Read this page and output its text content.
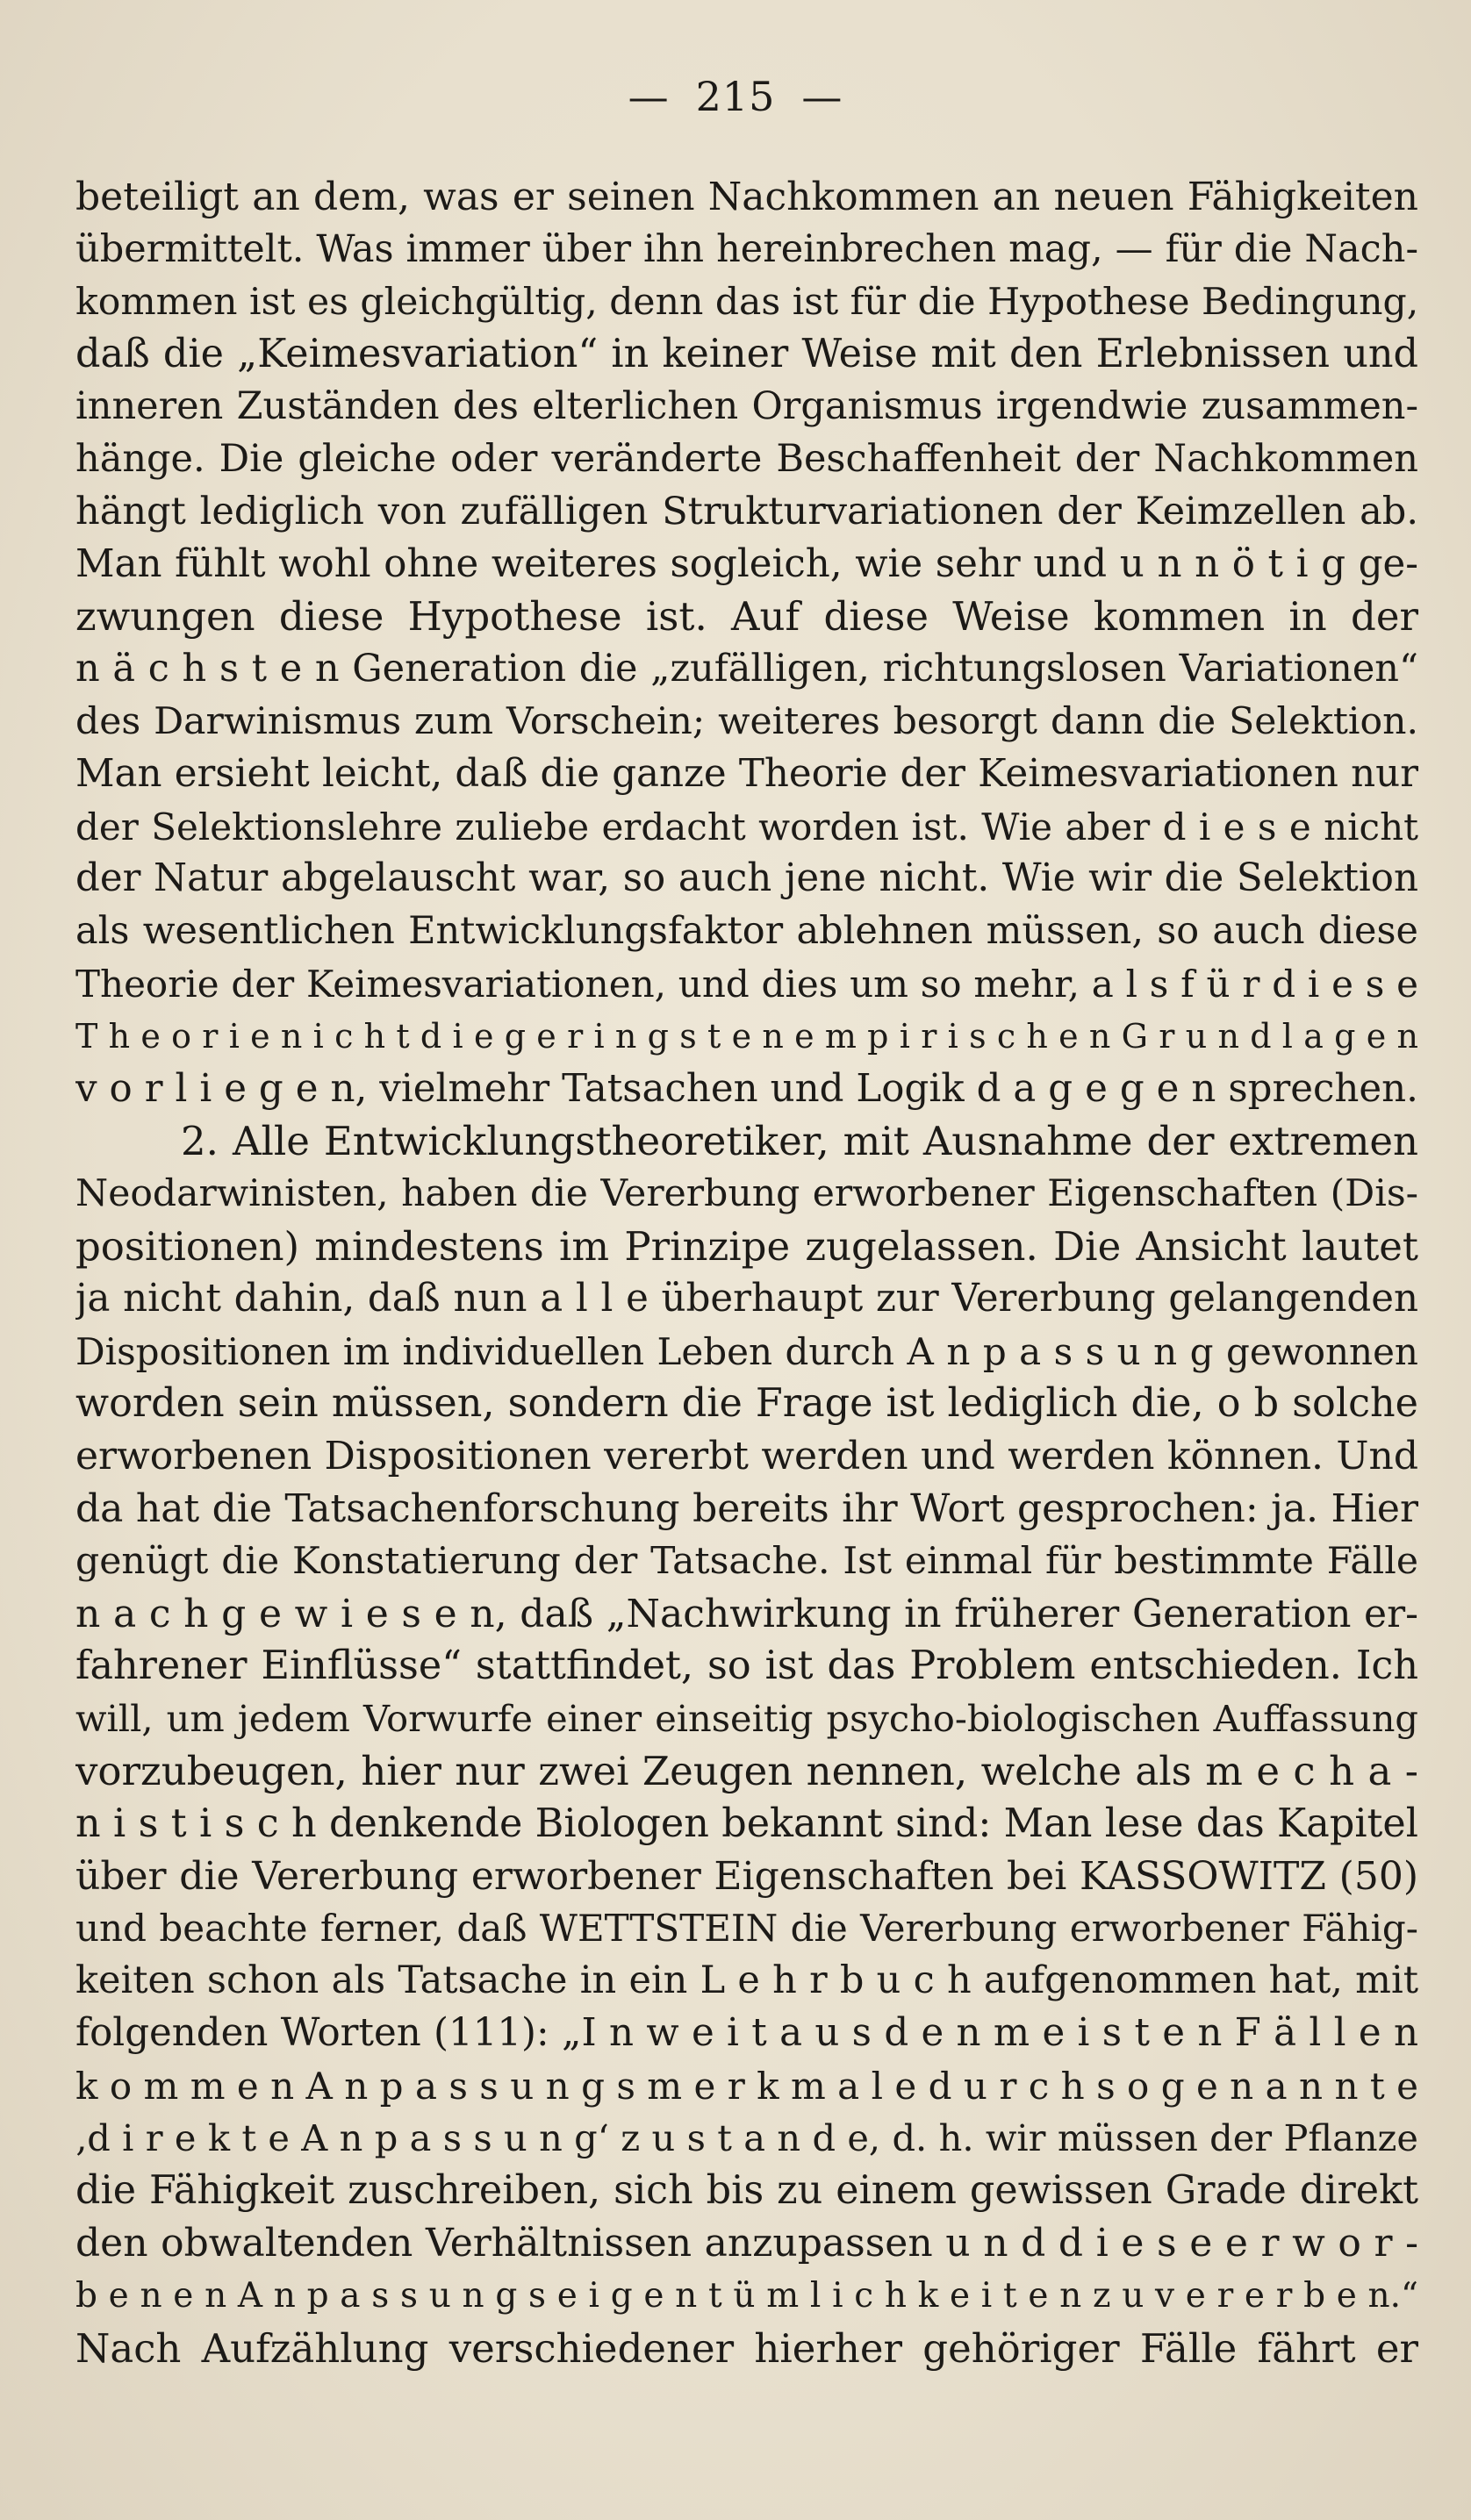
— 215 —
beteiligt an dem, was er seinen Nachkommen an neuen Fähigkeiten
übermittelt. Was immer über ihn hereinbrechen mag, — für die Nach-
kommen ist es gleichgültig, denn das ist für die Hypothese Bedingung,
daß die „Keimesvariation“ in keiner Weise mit den Erlebnissen und
inneren Zuständen des elterlichen Organismus irgendwie zusammen-
hänge. Die gleiche oder veränderte Beschaffenheit der Nachkommen
hängt lediglich von zufälligen Strukturvariationen der Keimzellen ab.
Man fühlt wohl ohne weiteres sogleich, wie sehr und u n n ö t i g ge-
zwungen diese Hypothese ist. Auf diese Weise kommen in der
n ä c h s t e n Generation die „zufälligen, richtungslosen Variationen“
des Darwinismus zum Vorschein; weiteres besorgt dann die Selektion.
Man ersieht leicht, daß die ganze Theorie der Keimesvariationen nur
der Selektionslehre zuliebe erdacht worden ist. Wie aber d i e s e nicht
der Natur abgelauscht war, so auch jene nicht. Wie wir die Selektion
als wesentlichen Entwicklungsfaktor ablehnen müssen, so auch diese
Theorie der Keimesvariationen, und dies um so mehr, a l s f ü r d i e s e
T h e o r i e n i c h t d i e g e r i n g s t e n e m p i r i s c h e n G r u n d l a g e n
v o r l i e g e n, vielmehr Tatsachen und Logik d a g e g e n sprechen.
2. Alle Entwicklungstheoretiker, mit Ausnahme der extremen
Neodarwinisten, haben die Vererbung erworbener Eigenschaften (Dis-
positionen) mindestens im Prinzipe zugelassen. Die Ansicht lautet
ja nicht dahin, daß nun a l l e überhaupt zur Vererbung gelangenden
Dispositionen im individuellen Leben durch A n p a s s u n g gewonnen
worden sein müssen, sondern die Frage ist lediglich die, o b solche
erworbenen Dispositionen vererbt werden und werden können. Und
da hat die Tatsachenforschung bereits ihr Wort gesprochen: ja. Hier
genügt die Konstatierung der Tatsache. Ist einmal für bestimmte Fälle
n a c h g e w i e s e n, daß „Nachwirkung in früherer Generation er-
fahrener Einflüsse“ stattfindet, so ist das Problem entschieden. Ich
will, um jedem Vorwurfe einer einseitig psycho-biologischen Auffassung
vorzubeugen, hier nur zwei Zeugen nennen, welche als m e c h a -
n i s t i s c h denkende Biologen bekannt sind: Man lese das Kapitel
über die Vererbung erworbener Eigenschaften bei KASSOWITZ (50)
und beachte ferner, daß WETTSTEIN die Vererbung erworbener Fähig-
keiten schon als Tatsache in ein L e h r b u c h aufgenommen hat, mit
folgenden Worten (111): „I n w e i t a u s d e n m e i s t e n F ä l l e n
k o m m e n A n p a s s u n g s m e r k m a l e d u r c h s o g e n a n n t e
‚d i r e k t e A n p a s s u n g‘ z u s t a n d e, d. h. wir müssen der Pflanze
die Fähigkeit zuschreiben, sich bis zu einem gewissen Grade direkt
den obwaltenden Verhältnissen anzupassen u n d d i e s e e r w o r -
b e n e n A n p a s s u n g s e i g e n t ü m l i c h k e i t e n z u v e r e r b e n.“
Nach Aufzählung verschiedener hierher gehöriger Fälle fährt er
